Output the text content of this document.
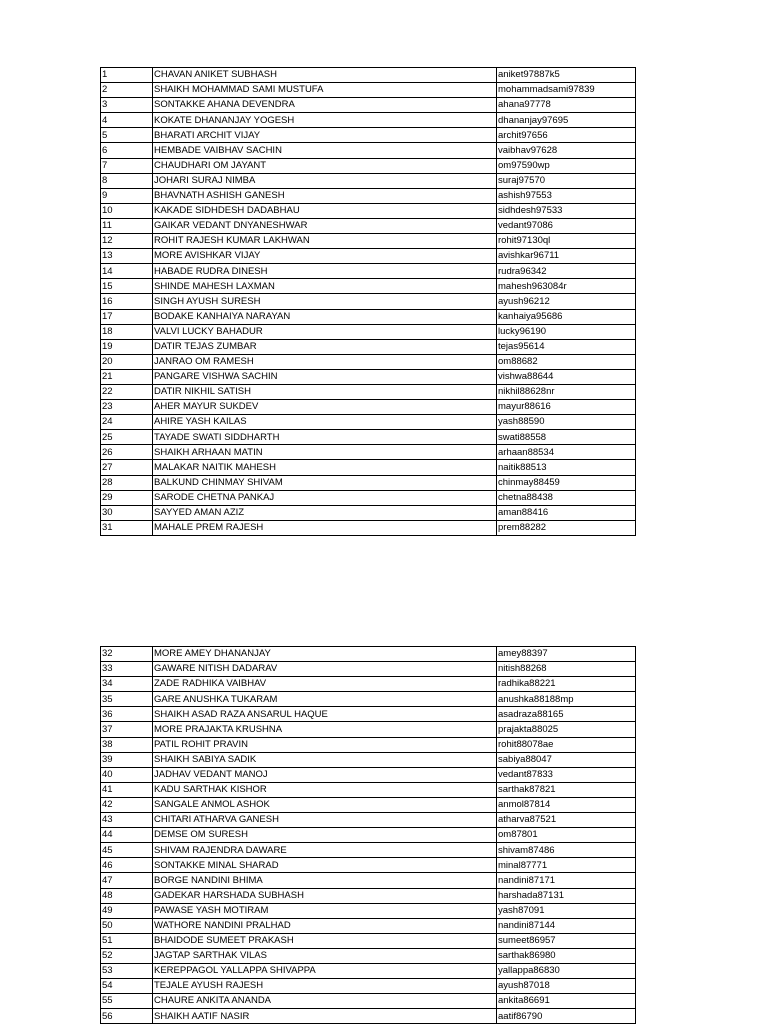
1	CHAVAN ANIKET SUBHASH	aniket97887k5
2	SHAIKH MOHAMMAD SAMI MUSTUFA	mohammadsami97839
3	SONTAKKE AHANA DEVENDRA	ahana97778
4	KOKATE DHANANJAY YOGESH	dhananjay97695
5	BHARATI ARCHIT VIJAY	archit97656
6	HEMBADE VAIBHAV SACHIN	vaibhav97628
7	CHAUDHARI OM JAYANT	om97590wp
8	JOHARI SURAJ NIMBA	suraj97570
9	BHAVNATH ASHISH GANESH	ashish97553
10	KAKADE SIDHDESH DADABHAU	sidhdesh97533
11	GAIKAR VEDANT DNYANESHWAR	vedant97086
12	ROHIT RAJESH KUMAR LAKHWAN	rohit97130ql
13	MORE AVISHKAR VIJAY	avishkar96711
14	HABADE RUDRA DINESH	rudra96342
15	SHINDE MAHESH LAXMAN	mahesh963084r
16	SINGH AYUSH SURESH	ayush96212
17	BODAKE KANHAIYA NARAYAN	kanhaiya95686
18	VALVI LUCKY BAHADUR	lucky96190
19	DATIR TEJAS ZUMBAR	tejas95614
20	JANRAO OM RAMESH	om88682
21	PANGARE VISHWA SACHIN	vishwa88644
22	DATIR NIKHIL SATISH	nikhil88628nr
23	AHER MAYUR SUKDEV	mayur88616
24	AHIRE YASH KAILAS	yash88590
25	TAYADE SWATI SIDDHARTH	swati88558
26	SHAIKH ARHAAN MATIN	arhaan88534
27	MALAKAR NAITIK MAHESH	naitik88513
28	BALKUND CHINMAY SHIVAM	chinmay88459
29	SARODE CHETNA PANKAJ	chetna88438
30	SAYYED AMAN AZIZ	aman88416
31	MAHALE PREM RAJESH	prem88282
32	MORE AMEY DHANANJAY	amey88397
33	GAWARE NITISH DADARAV	nitish88268
34	ZADE RADHIKA VAIBHAV	radhika88221
35	GARE ANUSHKA TUKARAM	anushka88188mp
36	SHAIKH ASAD RAZA ANSARUL HAQUE	asadraza88165
37	MORE PRAJAKTA KRUSHNA	prajakta88025
38	PATIL ROHIT PRAVIN	rohit88078ae
39	SHAIKH SABIYA SADIK	sabiya88047
40	JADHAV VEDANT MANOJ	vedant87833
41	KADU SARTHAK KISHOR	sarthak87821
42	SANGALE ANMOL ASHOK	anmol87814
43	CHITARI ATHARVA GANESH	atharva87521
44	DEMSE OM SURESH	om87801
45	SHIVAM RAJENDRA DAWARE	shivam87486
46	SONTAKKE MINAL SHARAD	minal87771
47	BORGE NANDINI BHIMA	nandini87171
48	GADEKAR HARSHADA SUBHASH	harshada87131
49	PAWASE YASH MOTIRAM	yash87091
50	WATHORE NANDINI PRALHAD	nandini87144
51	BHAIDODE SUMEET PRAKASH	sumeet86957
52	JAGTAP SARTHAK VILAS	sarthak86980
53	KEREPPAGOL YALLAPPA SHIVAPPA	yallappa86830
54	TEJALE AYUSH RAJESH	ayush87018
55	CHAURE ANKITA ANANDA	ankita86691
56	SHAIKH AATIF NASIR	aatif86790
